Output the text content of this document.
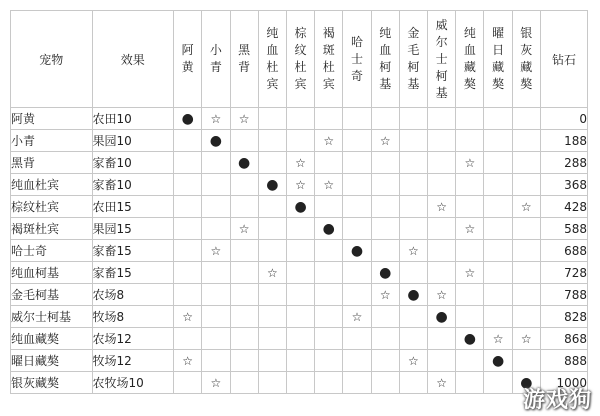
宠物	效果	阿黄	小青	黑背	纯血杜宾	棕纹杜宾	褐斑杜宾	哈士奇	纯血柯基	金毛柯基	威尔士柯基	纯血藏獒	曜日藏獒	银灰藏獒	钻石
阿黄	农田10	●	☆	☆											0
小青	果园10		●				☆		☆						188
黑背	家畜10			●		☆						☆			288
纯血杜宾	家畜10				●	☆	☆								368
棕纹杜宾	农田15					●					☆			☆	428
褐斑杜宾	果园15			☆			●					☆			588
哈士奇	家畜15		☆					●		☆					688
纯血柯基	家畜15				☆				●			☆			728
金毛柯基	农场8								☆	●	☆				788
威尔士柯基	牧场8	☆						☆			●				828
纯血藏獒	农场12											●	☆	☆	868
曜日藏獒	牧场12	☆								☆			●		888
银灰藏獒	农牧场10		☆								☆			●	1000
游戏狗
